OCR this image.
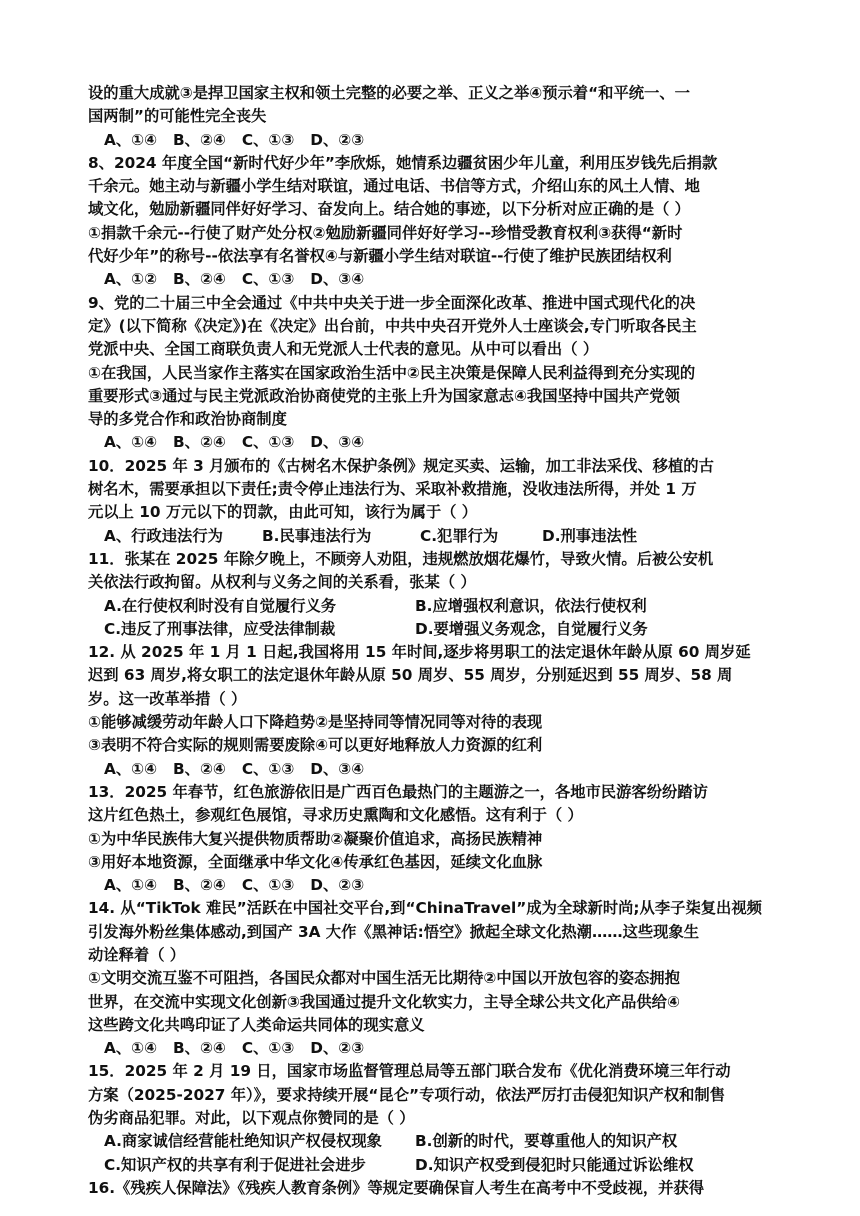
设的重大成就③是捍卫国家主权和领土完整的必要之举、正义之举④预示着“和平统一、一
国两制”的可能性完全丧失
A、①④   B、②④   C、①③   D、②③
8、2024 年度全国“新时代好少年”李欣烁，她情系边疆贫困少年儿童，利用压岁钱先后捐款
千余元。她主动与新疆小学生结对联谊，通过电话、书信等方式，介绍山东的风土人情、地
域文化，勉励新疆同伴好好学习、奋发向上。结合她的事迹，以下分析对应正确的是（ ）
①捐款千余元--行使了财产处分权②勉励新疆同伴好好学习--珍惜受教育权利③获得“新时
代好少年”的称号--依法享有名誉权④与新疆小学生结对联谊--行使了维护民族团结权利
A、①②   B、②④   C、①③   D、③④
9、党的二十届三中全会通过《中共中央关于进一步全面深化改革、推进中国式现代化的决
定》(以下简称《决定》)在《决定》出台前，中共中央召开党外人士座谈会,专门听取各民主
党派中央、全国工商联负责人和无党派人士代表的意见。从中可以看出（ ）
①在我国，人民当家作主落实在国家政治生活中②民主决策是保障人民利益得到充分实现的
重要形式③通过与民主党派政治协商使党的主张上升为国家意志④我国坚持中国共产党领
导的多党合作和政治协商制度
A、①④   B、②④   C、①③   D、③④
10．2025 年 3 月颁布的《古树名木保护条例》规定买卖、运输，加工非法采伐、移植的古
树名木，需要承担以下责任;责令停止违法行为、采取补救措施，没收违法所得，并处 1 万
元以上 10 万元以下的罚款，由此可知，该行为属于（ ）
A、行政违法行为	B.民事违法行为	C.犯罪行为	D.刑事违法性
11．张某在 2025 年除夕晚上，不顾旁人劝阻，违规燃放烟花爆竹，导致火情。后被公安机
关依法行政拘留。从权利与义务之间的关系看，张某（ ）
A.在行使权利时没有自觉履行义务	B.应增强权利意识，依法行使权利
C.违反了刑事法律，应受法律制裁	D.要增强义务观念，自觉履行义务
12. 从 2025 年 1 月 1 日起,我国将用 15 年时间,逐步将男职工的法定退休年龄从原 60 周岁延
迟到 63 周岁,将女职工的法定退休年龄从原 50 周岁、55 周岁，分别延迟到 55 周岁、58 周
岁。这一改革举措（ ）
①能够减缓劳动年龄人口下降趋势②是坚持同等情况同等对待的表现
③表明不符合实际的规则需要废除④可以更好地释放人力资源的红利
A、①④   B、②④   C、①③   D、③④
13．2025 年春节，红色旅游依旧是广西百色最热门的主题游之一，各地市民游客纷纷踏访
这片红色热土，参观红色展馆，寻求历史熏陶和文化感悟。这有利于（ ）
①为中华民族伟大复兴提供物质帮助②凝聚价值追求，高扬民族精神
③用好本地资源，全面继承中华文化④传承红色基因，延续文化血脉
A、①④   B、②④   C、①③   D、②③
14. 从“TikTok 难民”活跃在中国社交平台,到“ChinaTravel”成为全球新时尚;从李子柒复出视频
引发海外粉丝集体感动,到国产 3A 大作《黑神话:悟空》掀起全球文化热潮……这些现象生
动诠释着（ ）
①文明交流互鉴不可阻挡，各国民众都对中国生活无比期待②中国以开放包容的姿态拥抱
世界，在交流中实现文化创新③我国通过提升文化软实力，主导全球公共文化产品供给④
这些跨文化共鸣印证了人类命运共同体的现实意义
A、①④   B、②④   C、①③   D、②③
15．2025 年 2 月 19 日，国家市场监督管理总局等五部门联合发布《优化消费环境三年行动
方案（2025-2027 年）》，要求持续开展“昆仑”专项行动，依法严厉打击侵犯知识产权和制售
伪劣商品犯罪。对此，以下观点你赞同的是（ ）
A.商家诚信经营能杜绝知识产权侵权现象	B.创新的时代，要尊重他人的知识产权
C.知识产权的共享有利于促进社会进步	D.知识产权受到侵犯时只能通过诉讼维权
16.《残疾人保障法》《残疾人教育条例》等规定要确保盲人考生在高考中不受歧视，并获得
